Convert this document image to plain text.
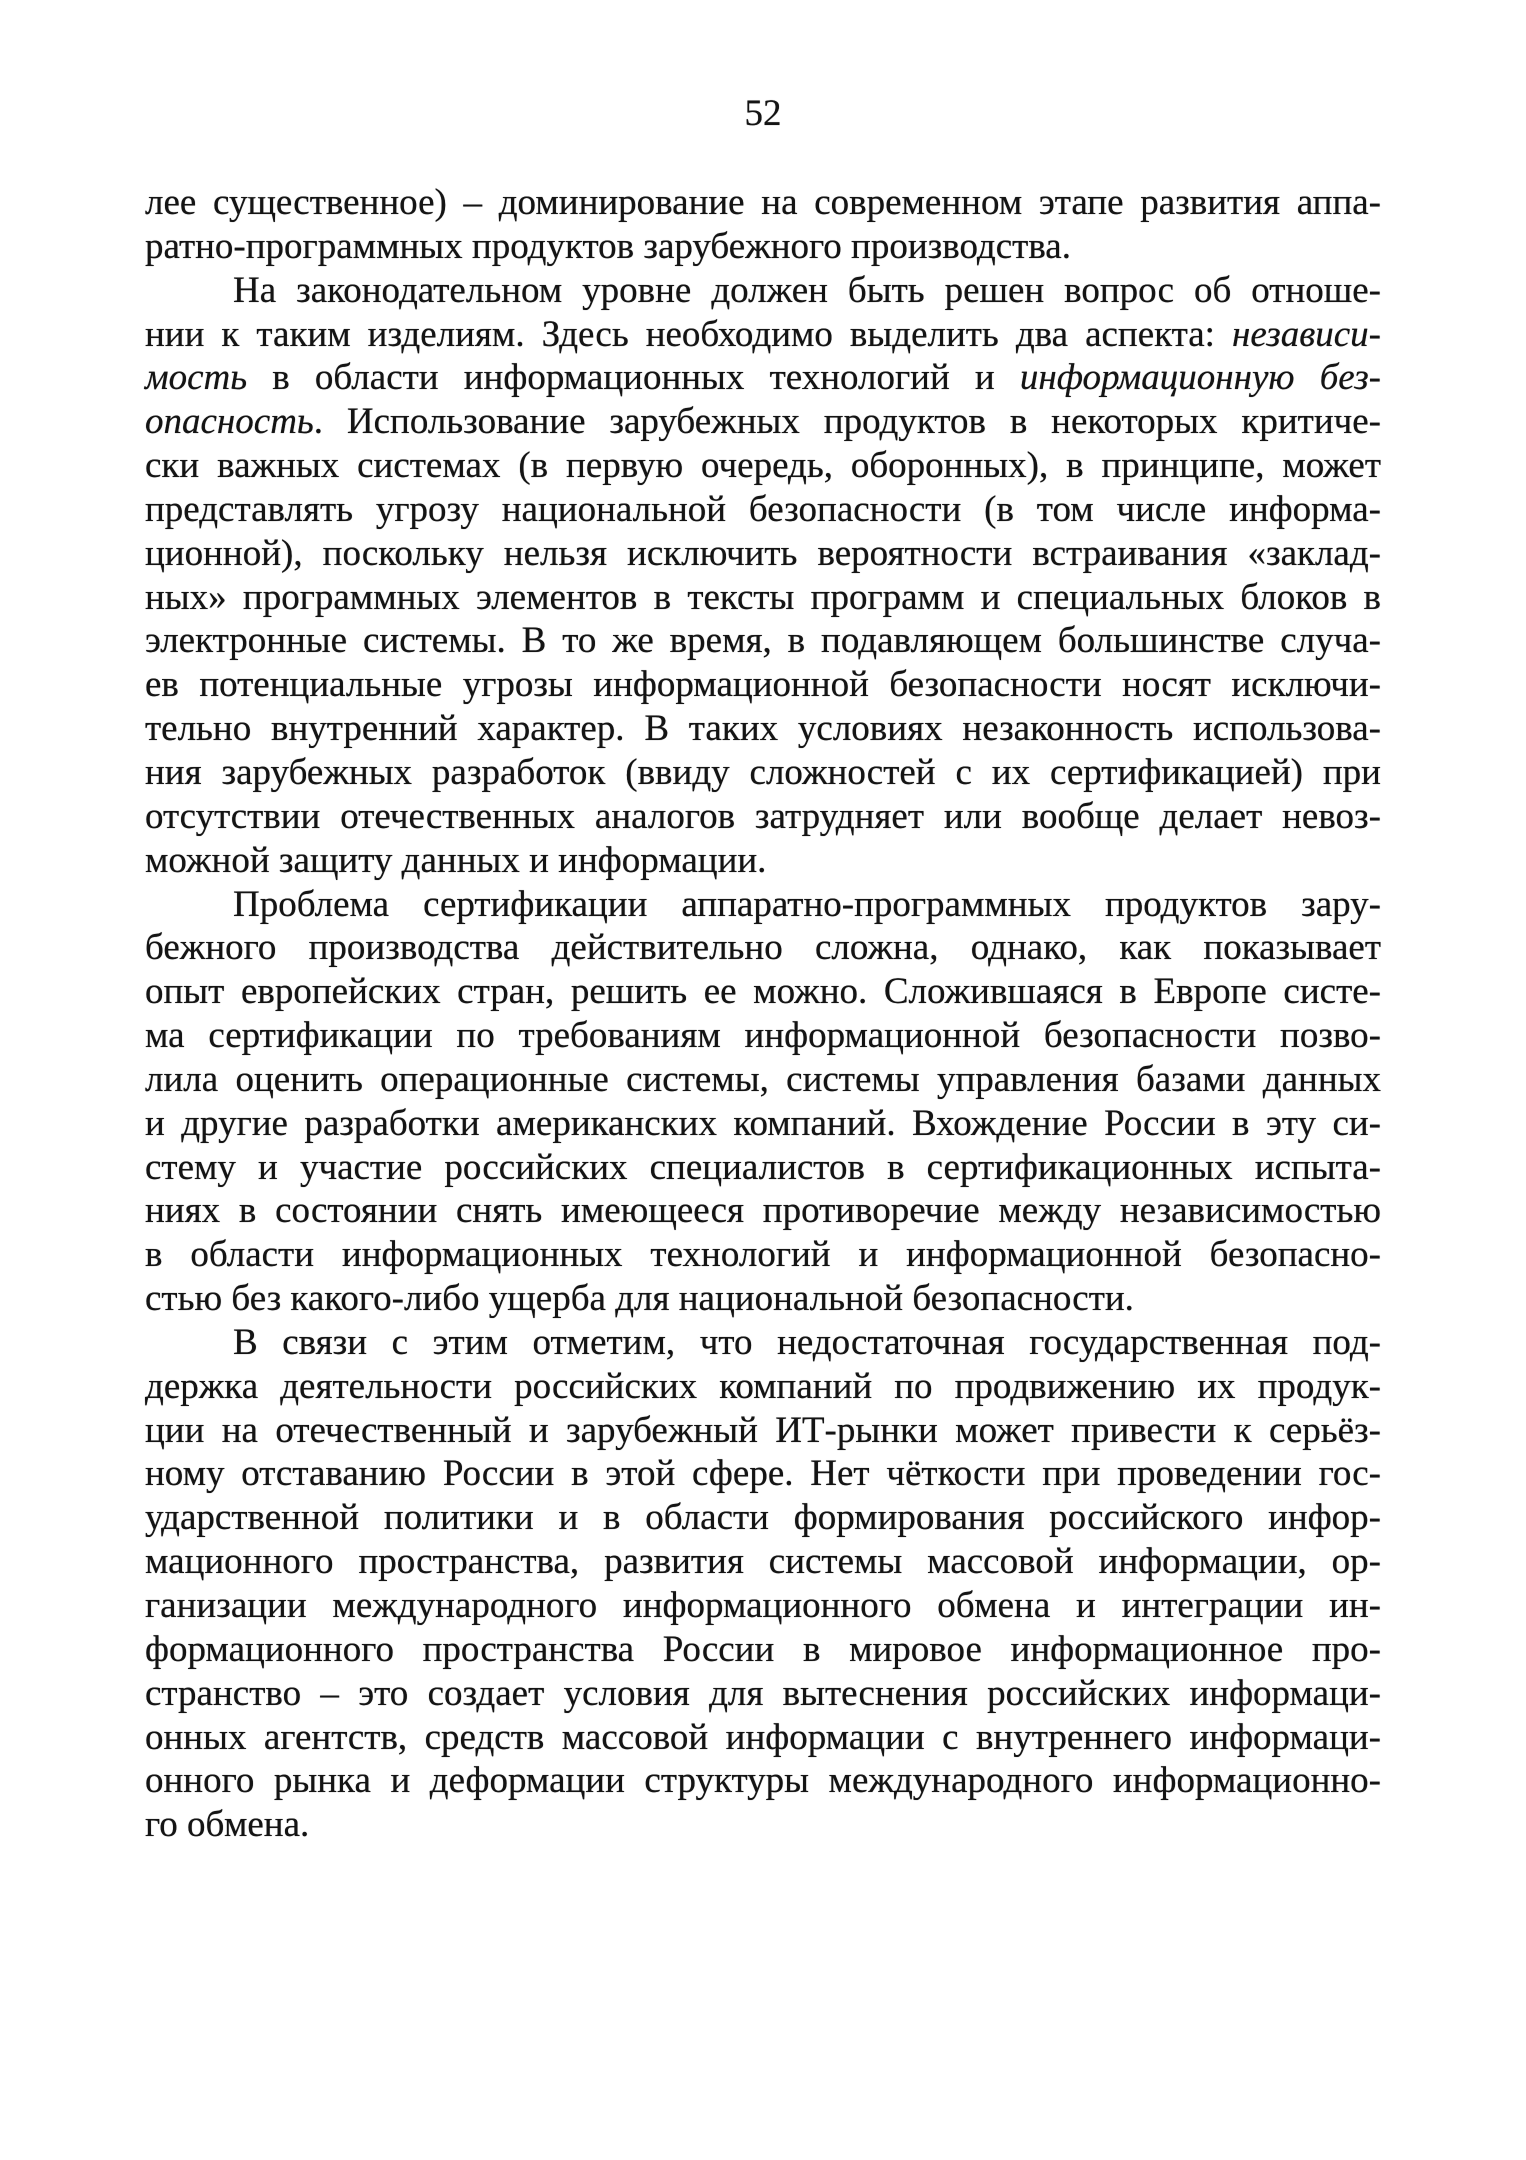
52
лее существенное) – доминирование на современном этапе развития аппа-
ратно-программных продуктов зарубежного производства.
На законодательном уровне должен быть решен вопрос об отноше-
нии к таким изделиям. Здесь необходимо выделить два аспекта: независи-
мость в области информационных технологий и информационную без-
опасность. Использование зарубежных продуктов в некоторых критиче-
ски важных системах (в первую очередь, оборонных), в принципе, может
представлять угрозу национальной безопасности (в том числе информа-
ционной), поскольку нельзя исключить вероятности встраивания «заклад-
ных» программных элементов в тексты программ и специальных блоков в
электронные системы. В то же время, в подавляющем большинстве случа-
ев потенциальные угрозы информационной безопасности носят исключи-
тельно внутренний характер. В таких условиях незаконность использова-
ния зарубежных разработок (ввиду сложностей с их сертификацией) при
отсутствии отечественных аналогов затрудняет или вообще делает невоз-
можной защиту данных и информации.
Проблема сертификации аппаратно-программных продуктов зару-
бежного производства действительно сложна, однако, как показывает
опыт европейских стран, решить ее можно. Сложившаяся в Европе систе-
ма сертификации по требованиям информационной безопасности позво-
лила оценить операционные системы, системы управления базами данных
и другие разработки американских компаний. Вхождение России в эту си-
стему и участие российских специалистов в сертификационных испыта-
ниях в состоянии снять имеющееся противоречие между независимостью
в области информационных технологий и информационной безопасно-
стью без какого-либо ущерба для национальной безопасности.
В связи с этим отметим, что недостаточная государственная под-
держка деятельности российских компаний по продвижению их продук-
ции на отечественный и зарубежный ИТ-рынки может привести к серьёз-
ному отставанию России в этой сфере. Нет чёткости при проведении гос-
ударственной политики и в области формирования российского инфор-
мационного пространства, развития системы массовой информации, ор-
ганизации международного информационного обмена и интеграции ин-
формационного пространства России в мировое информационное про-
странство – это создает условия для вытеснения российских информаци-
онных агентств, средств массовой информации с внутреннего информаци-
онного рынка и деформации структуры международного информационно-
го обмена.
